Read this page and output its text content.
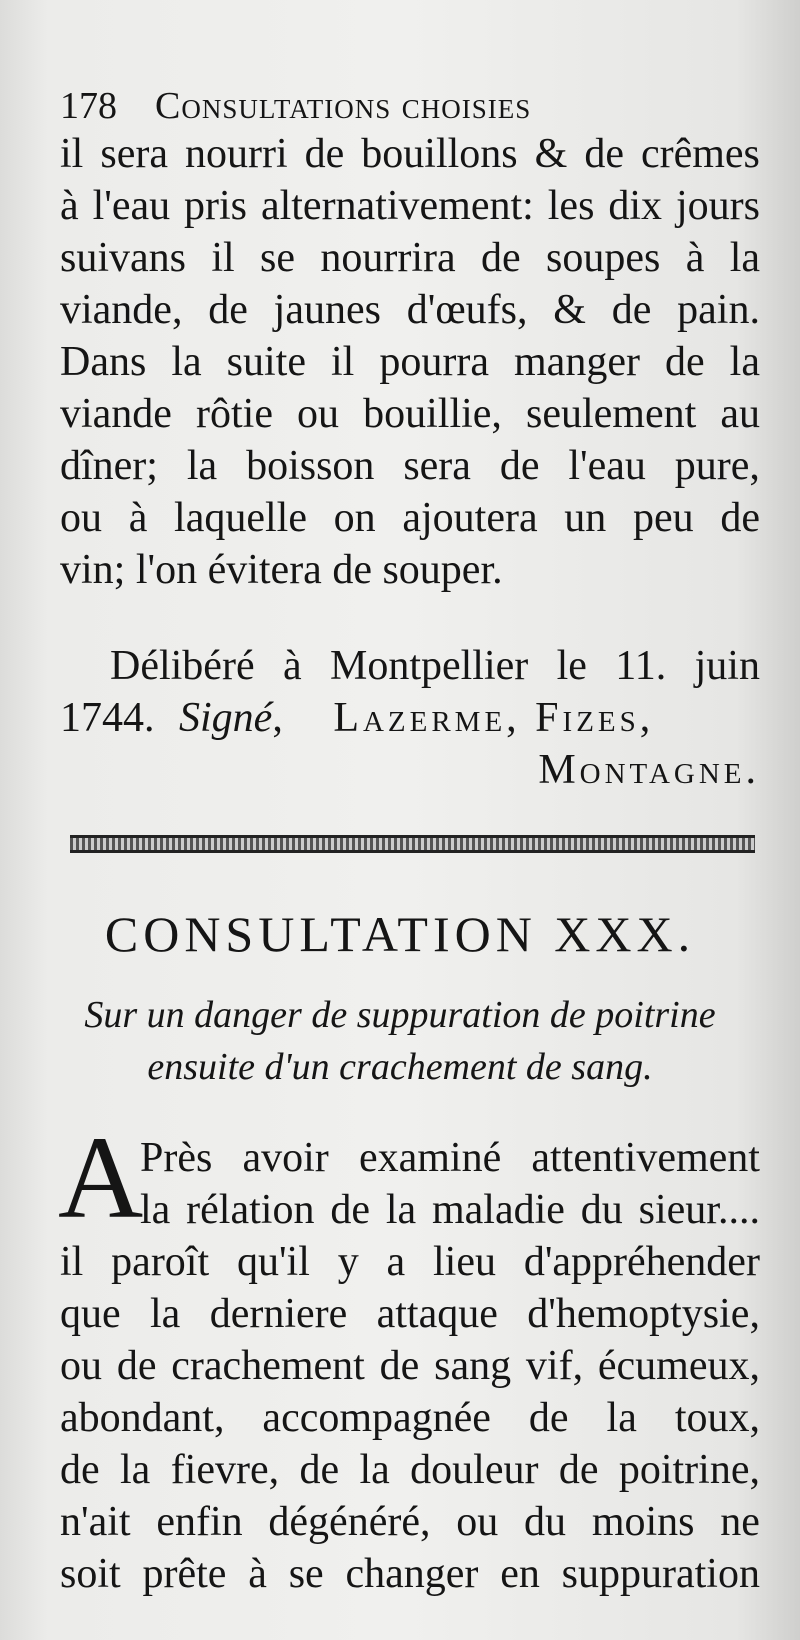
178 Consultations choisies
il sera nourri de bouillons & de crêmes
à l'eau pris alternativement: les dix jours
suivans il se nourrira de soupes à la
viande, de jaunes d'œufs, & de pain.
Dans la suite il pourra manger de la
viande rôtie ou bouillie, seulement au
dîner; la boisson sera de l'eau pure,
ou à laquelle on ajoutera un peu de
vin; l'on évitera de souper.
Délibéré à Montpellier le 11. juin
1744. Signé, Lazerme, Fizes,
Montagne.
CONSULTATION XXX.
Sur un danger de suppuration de poitrine
ensuite d'un crachement de sang.
A
Près avoir examiné attentivement
la rélation de la maladie du sieur....
il paroît qu'il y a lieu d'appréhender
que la derniere attaque d'hemoptysie,
ou de crachement de sang vif, écumeux,
abondant, accompagnée de la toux,
de la fievre, de la douleur de poitrine,
n'ait enfin dégénéré, ou du moins ne
soit prête à se changer en suppuration
